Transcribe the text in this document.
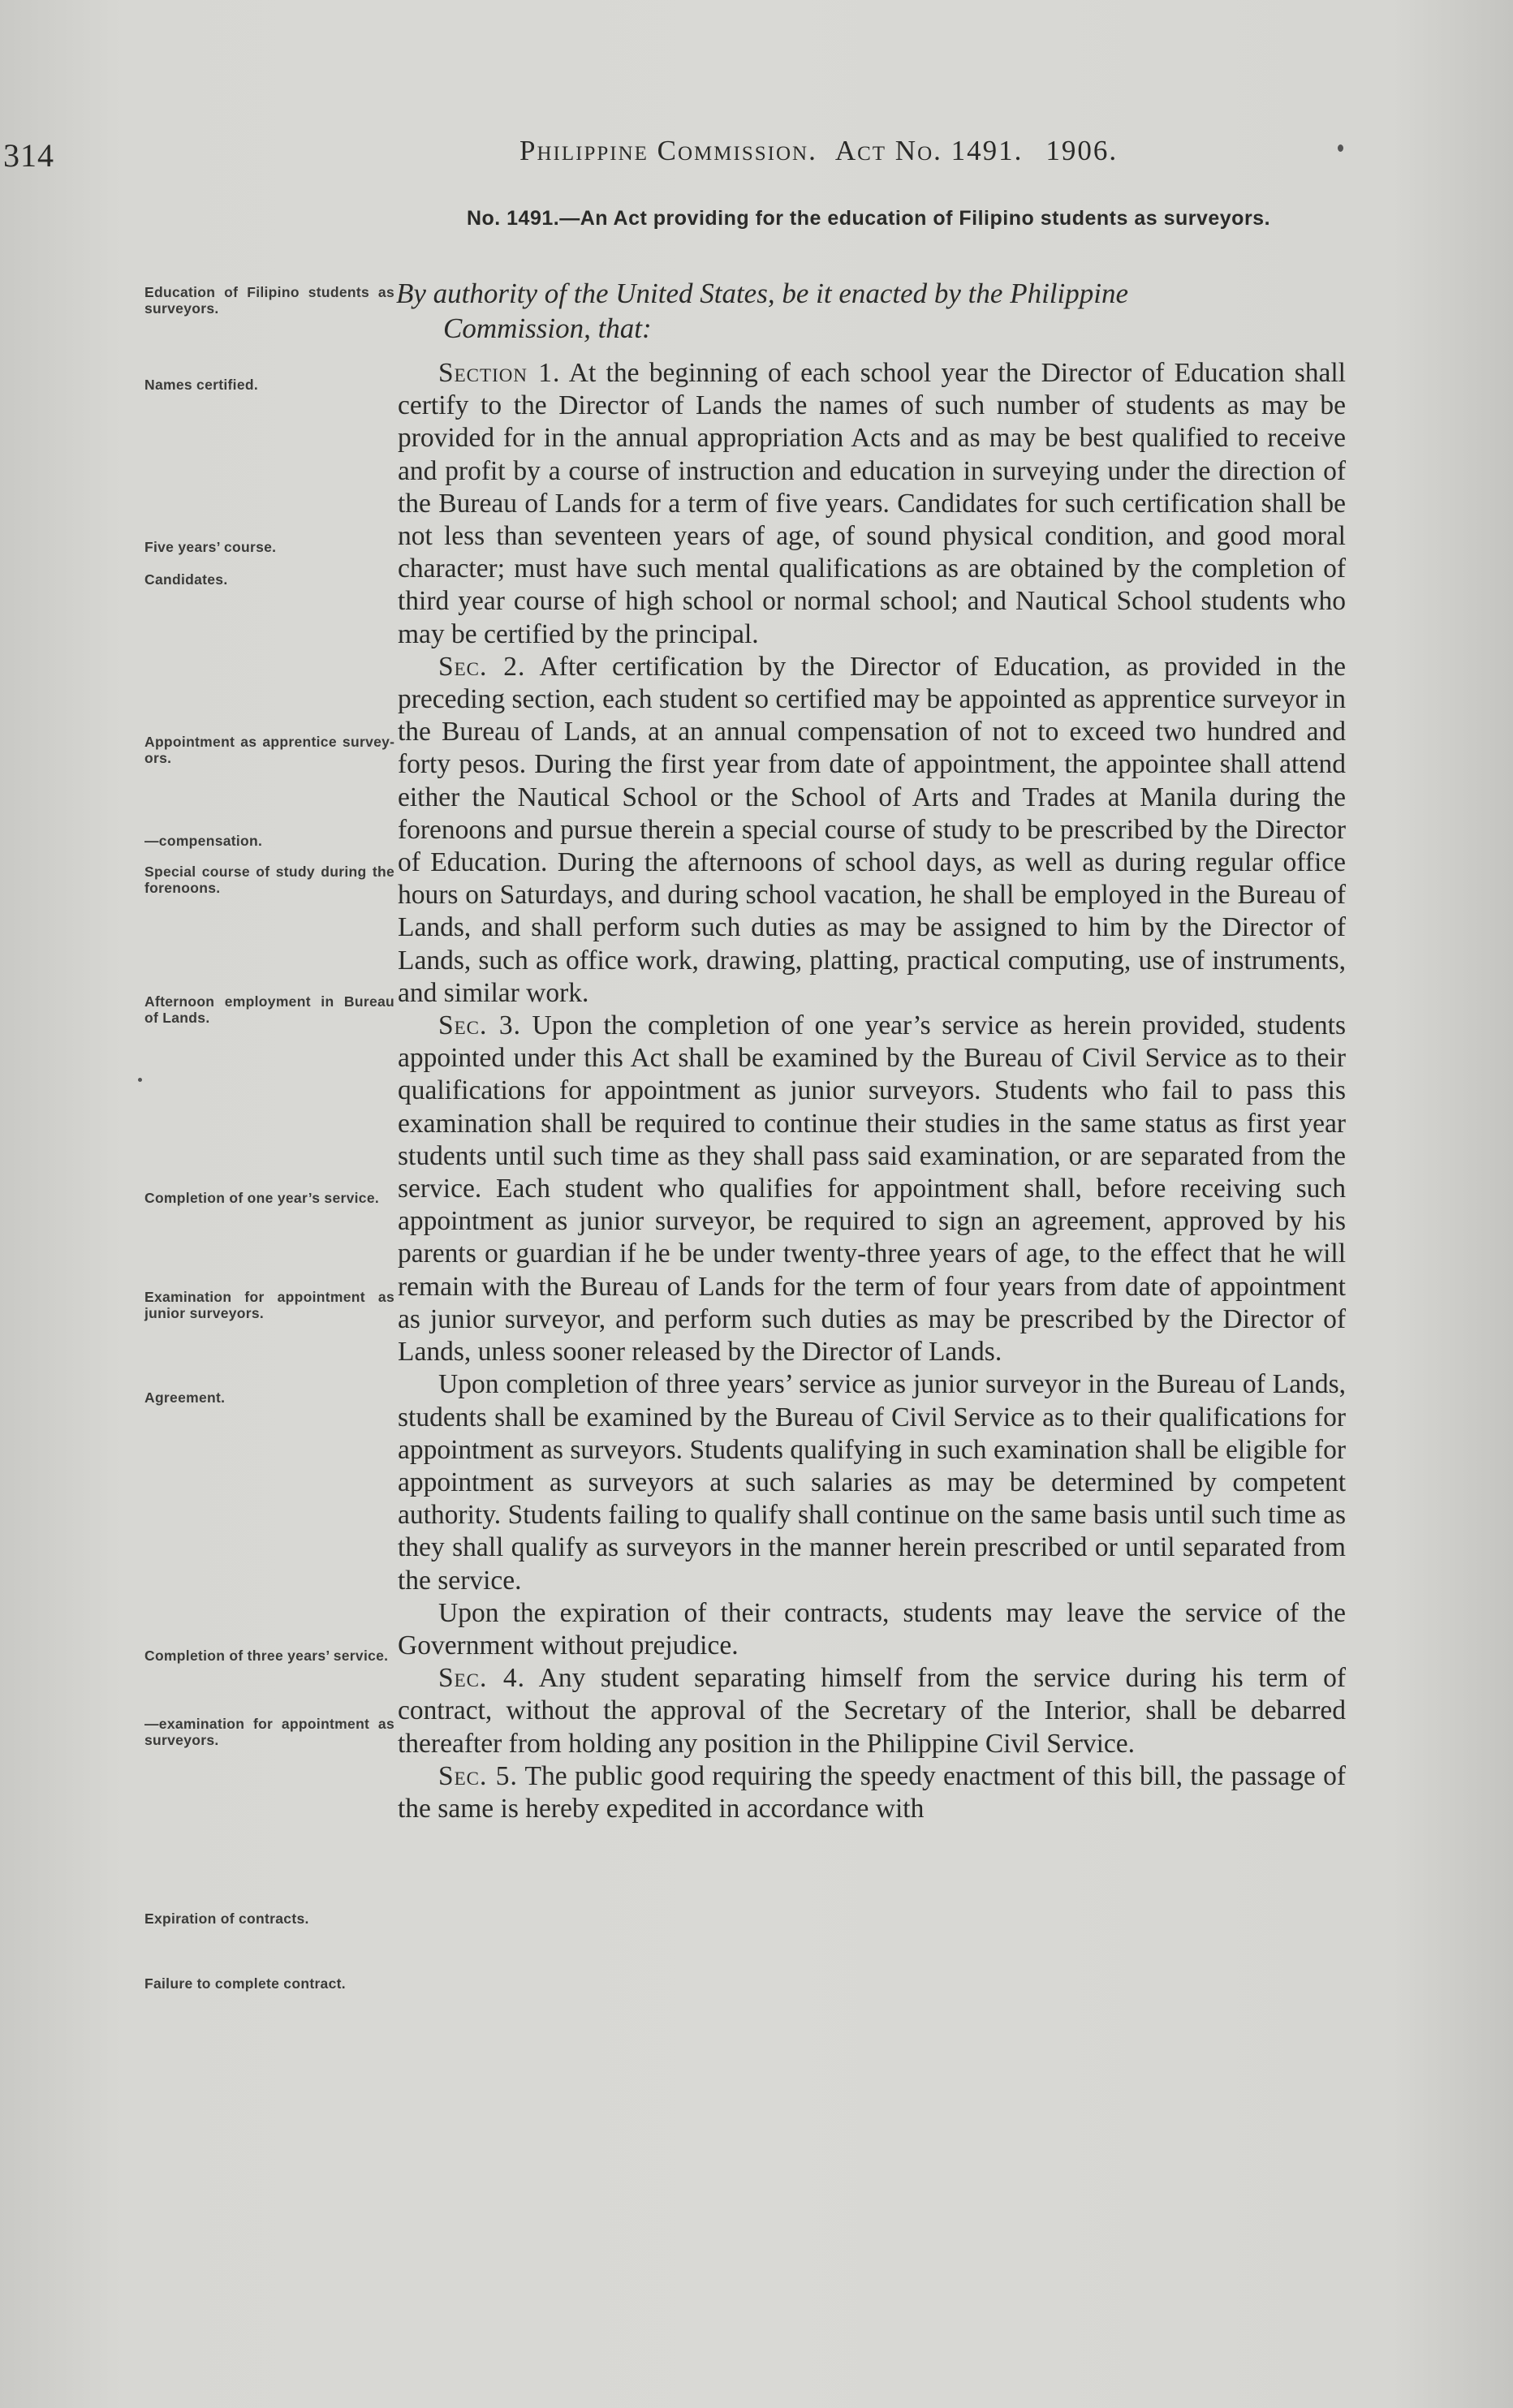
314	Philippine Commission. Act No. 1491. 1906.
No. 1491.—An Act providing for the education of Filipino students as surveyors.
By authority of the United States, be it enacted by the Philippine
Commission, that:

Section 1. At the beginning of each school year the Director of Education shall certify to the Director of Lands the names of such number of students as may be provided for in the annual appropriation Acts and as may be best qualified to receive and profit by a course of instruction and education in surveying under the direction of the Bureau of Lands for a term of five years. Candidates for such certification shall be not less than seventeen years of age, of sound physical condition, and good moral character; must have such mental qualifications as are obtained by the completion of third year course of high school or normal school; and Nautical School students who may be certified by the principal.

Sec. 2. After certification by the Director of Education, as provided in the preceding section, each student so certified may be appointed as apprentice surveyor in the Bureau of Lands, at an annual compensation of not to exceed two hundred and forty pesos. During the first year from date of appointment, the appointee shall attend either the Nautical School or the School of Arts and Trades at Manila during the forenoons and pursue therein a special course of study to be prescribed by the Director of Education. During the afternoons of school days, as well as during regular office hours on Saturdays, and during school vacation, he shall be employed in the Bureau of Lands, and shall perform such duties as may be assigned to him by the Director of Lands, such as office work, drawing, platting, practical computing, use of instruments, and similar work.

Sec. 3. Upon the completion of one year’s service as herein provided, students appointed under this Act shall be examined by the Bureau of Civil Service as to their qualifications for appointment as junior surveyors. Students who fail to pass this examination shall be required to continue their studies in the same status as first year students until such time as they shall pass said examination, or are separated from the service. Each student who qualifies for appointment shall, before receiving such appointment as junior surveyor, be required to sign an agreement, approved by his parents or guardian if he be under twenty-three years of age, to the effect that he will remain with the Bureau of Lands for the term of four years from date of appointment as junior surveyor, and perform such duties as may be prescribed by the Director of Lands, unless sooner released by the Director of Lands.

Upon completion of three years’ service as junior surveyor in the Bureau of Lands, students shall be examined by the Bureau of Civil Service as to their qualifications for appointment as surveyors. Students qualifying in such examination shall be eligible for appointment as surveyors at such salaries as may be determined by competent authority. Students failing to qualify shall continue on the same basis until such time as they shall qualify as surveyors in the manner herein prescribed or until separated from the service.

Upon the expiration of their contracts, students may leave the service of the Government without prejudice.

Sec. 4. Any student separating himself from the service during his term of contract, without the approval of the Secretary of the Interior, shall be debarred thereafter from holding any position in the Philippine Civil Service.

Sec. 5. The public good requiring the speedy enactment of this bill, the passage of the same is hereby expedited in accordance with

Education of Filipino students as surveyors.
Names certified.
Five years’ course.
Candidates.
Appointment as apprentice surveyors.
—compensation.
Special course of study during the forenoons.
Afternoon employment in Bureau of Lands.
Completion of one year’s service.
Examination for appointment as junior surveyors.
Agreement.
Completion of three years’ service.
—examination for appointment as surveyors.
Expiration of contracts.
Failure to complete contract.
